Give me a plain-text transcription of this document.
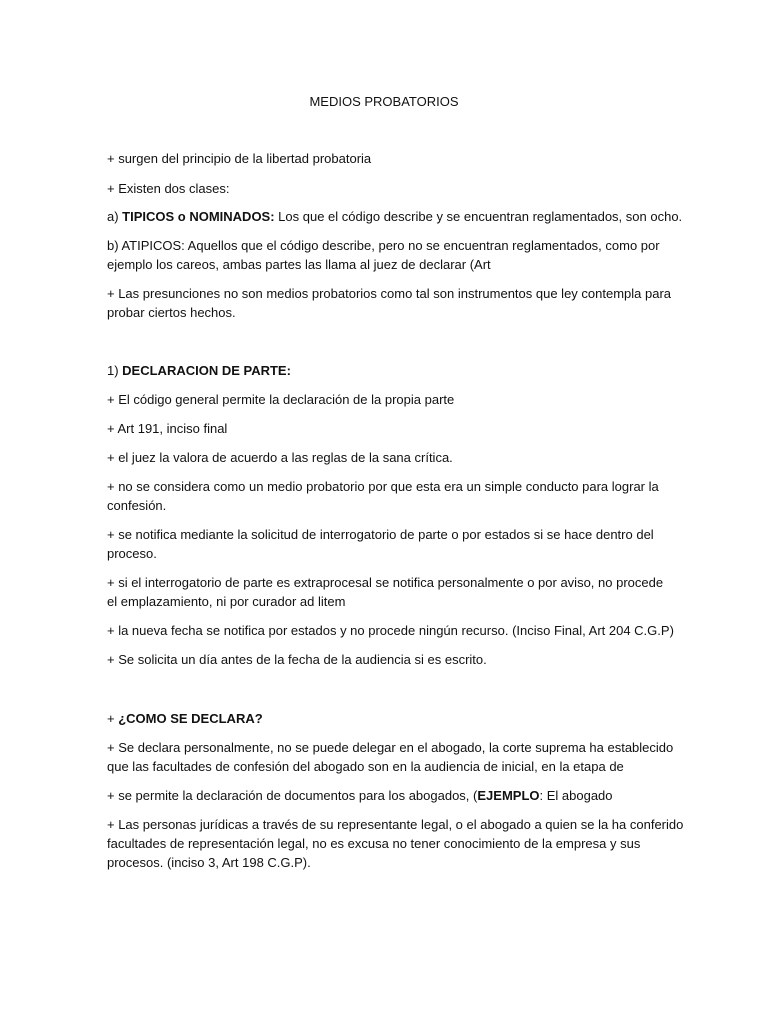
MEDIOS PROBATORIOS
+ surgen del principio de la libertad probatoria
+ Existen dos clases:
a) TIPICOS o NOMINADOS: Los que el código describe y se encuentran reglamentados, son ocho.
b) ATIPICOS: Aquellos que el código describe, pero no se encuentran reglamentados, como por
ejemplo los careos, ambas partes las llama al juez de declarar (Art
+ Las presunciones no son medios probatorios como tal son instrumentos que ley contempla para
probar ciertos hechos.
1) DECLARACION DE PARTE:
+ El código general permite la declaración de la propia parte
+ Art 191, inciso final
+ el juez la valora de acuerdo a las reglas de la sana crítica.
+ no se considera como un medio probatorio por que esta era un simple conducto para lograr la
confesión.
+ se notifica mediante la solicitud de interrogatorio de parte o por estados si se hace dentro del
proceso.
+ si el interrogatorio de parte es extraprocesal se notifica personalmente o por aviso, no procede
el emplazamiento, ni por curador ad litem
+ la nueva fecha se notifica por estados y no procede ningún recurso. (Inciso Final, Art 204 C.G.P)
+ Se solicita un día antes de la fecha de la audiencia si es escrito.
+ ¿COMO SE DECLARA?
+ Se declara personalmente, no se puede delegar en el abogado, la corte suprema ha establecido
que las facultades de confesión del abogado son en la audiencia de inicial, en la etapa de
+ se permite la declaración de documentos para los abogados, (EJEMPLO: El abogado
+ Las personas jurídicas a través de su representante legal, o el abogado a quien se la ha conferido
facultades de representación legal, no es excusa no tener conocimiento de la empresa y sus
procesos. (inciso 3, Art 198 C.G.P).
